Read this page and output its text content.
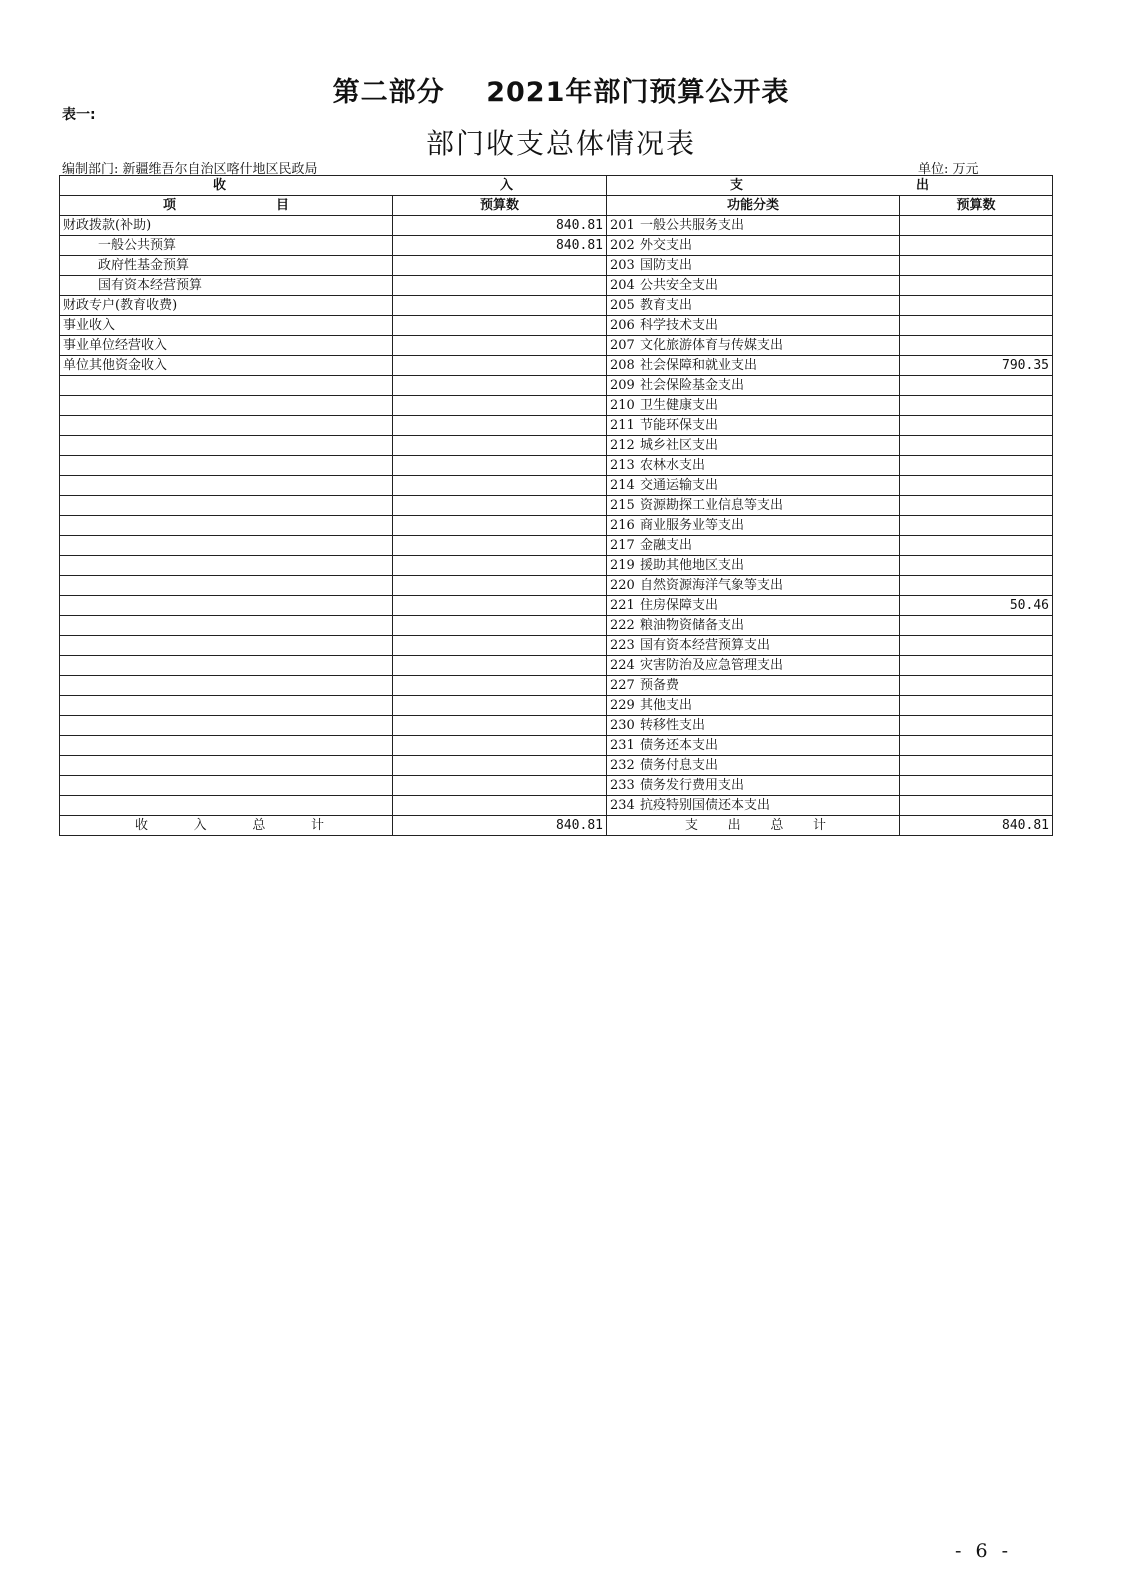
第二部分    2021年部门预算公开表
表一:
部门收支总体情况表
编制部门: 新疆维吾尔自治区喀什地区民政局	单位: 万元
收 入		支 出	

项 目	预算数	功能分类	预算数
财政拨款(补助)	840.81	201 一般公共服务支出	
一般公共预算	840.81	202 外交支出	
政府性基金预算		203 国防支出	
国有资本经营预算		204 公共安全支出	
财政专户(教育收费)		205 教育支出	
事业收入		206 科学技术支出	
事业单位经营收入		207 文化旅游体育与传媒支出	
单位其他资金收入		208 社会保障和就业支出	790.35
		209 社会保险基金支出	
		210 卫生健康支出	
		211 节能环保支出	
		212 城乡社区支出	
		213 农林水支出	
		214 交通运输支出	
		215 资源勘探工业信息等支出	
		216 商业服务业等支出	
		217 金融支出	
		219 援助其他地区支出	
		220 自然资源海洋气象等支出	
		221 住房保障支出	50.46
		222 粮油物资储备支出	
		223 国有资本经营预算支出	
		224 灾害防治及应急管理支出	
		227 预备费	
		229 其他支出	
		230 转移性支出	
		231 债务还本支出	
		232 债务付息支出	
		233 债务发行费用支出	
		234 抗疫特别国债还本支出	

收 入 总 计	840.81	支 出 总 计	840.81
- 6 -
